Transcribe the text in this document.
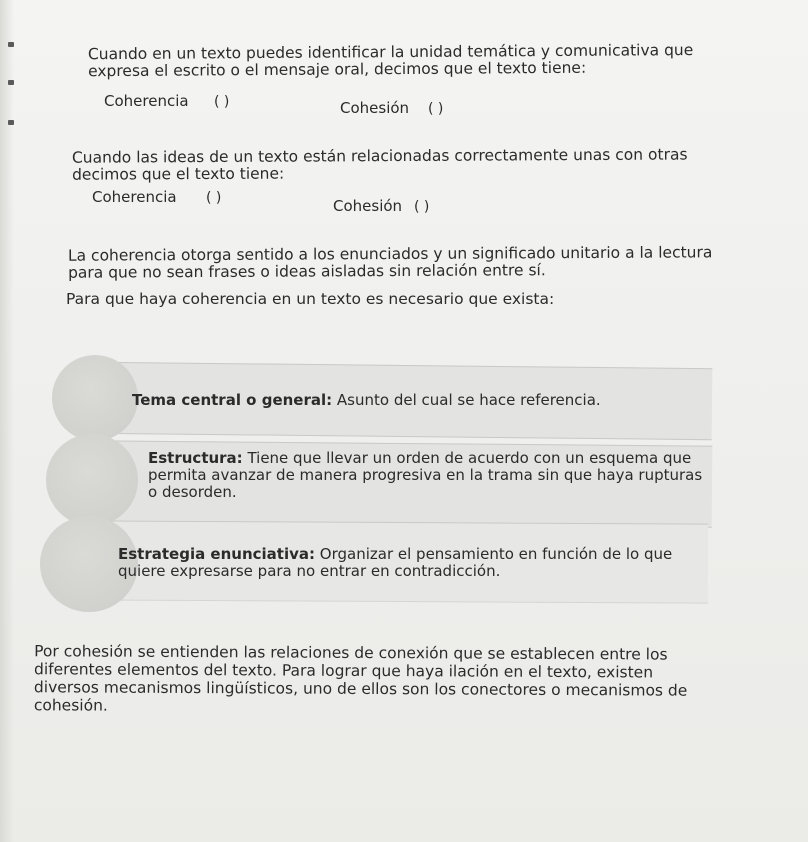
Cuando en un texto puedes identificar la unidad temática y comunicativa que expresa el escrito o el mensaje oral, decimos que el texto tiene:

Coherencia ( )	Cohesión ( )

Cuando las ideas de un texto están relacionadas correctamente unas con otras decimos que el texto tiene:

Coherencia ( )	Cohesión ( )

La coherencia otorga sentido a los enunciados y un significado unitario a la lectura para que no sean frases o ideas aisladas sin relación entre sí.

Para que haya coherencia en un texto es necesario que exista:

Tema central o general: Asunto del cual se hace referencia.

Estructura: Tiene que llevar un orden de acuerdo con un esquema que permita avanzar de manera progresiva en la trama sin que haya rupturas o desorden.

Estrategia enunciativa: Organizar el pensamiento en función de lo que quiere expresarse para no entrar en contradicción.

Por cohesión se entienden las relaciones de conexión que se establecen entre los diferentes elementos del texto. Para lograr que haya ilación en el texto, existen diversos mecanismos lingüísticos, uno de ellos son los conectores o mecanismos de cohesión.
